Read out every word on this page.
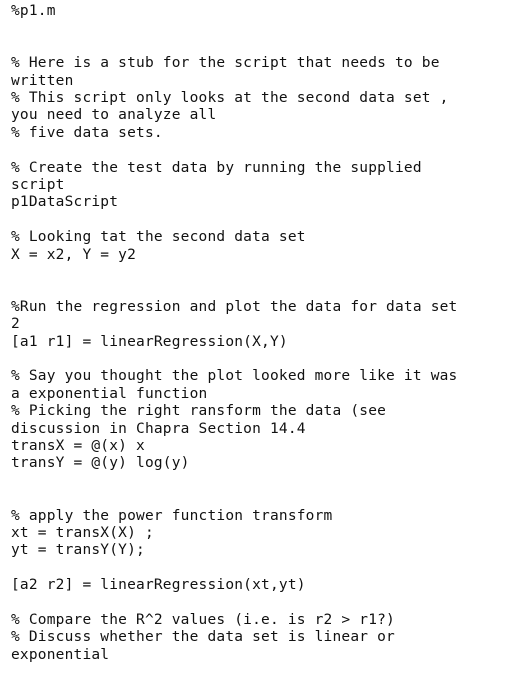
%p1.m
% Here is a stub for the script that needs to be
written
% This script only looks at the second data set ,
you need to analyze all
% five data sets.
% Create the test data by running the supplied
script
p1DataScript
% Looking tat the second data set
X = x2, Y = y2
%Run the regression and plot the data for data set
2
[a1 r1] = linearRegression(X,Y)
% Say you thought the plot looked more like it was
a exponential function
% Picking the right ransform the data (see
discussion in Chapra Section 14.4
transX = @(x) x
transY = @(y) log(y)
% apply the power function transform
xt = transX(X) ;
yt = transY(Y);
[a2 r2] = linearRegression(xt,yt)
% Compare the R^2 values (i.e. is r2 > r1?)
% Discuss whether the data set is linear or
exponential
